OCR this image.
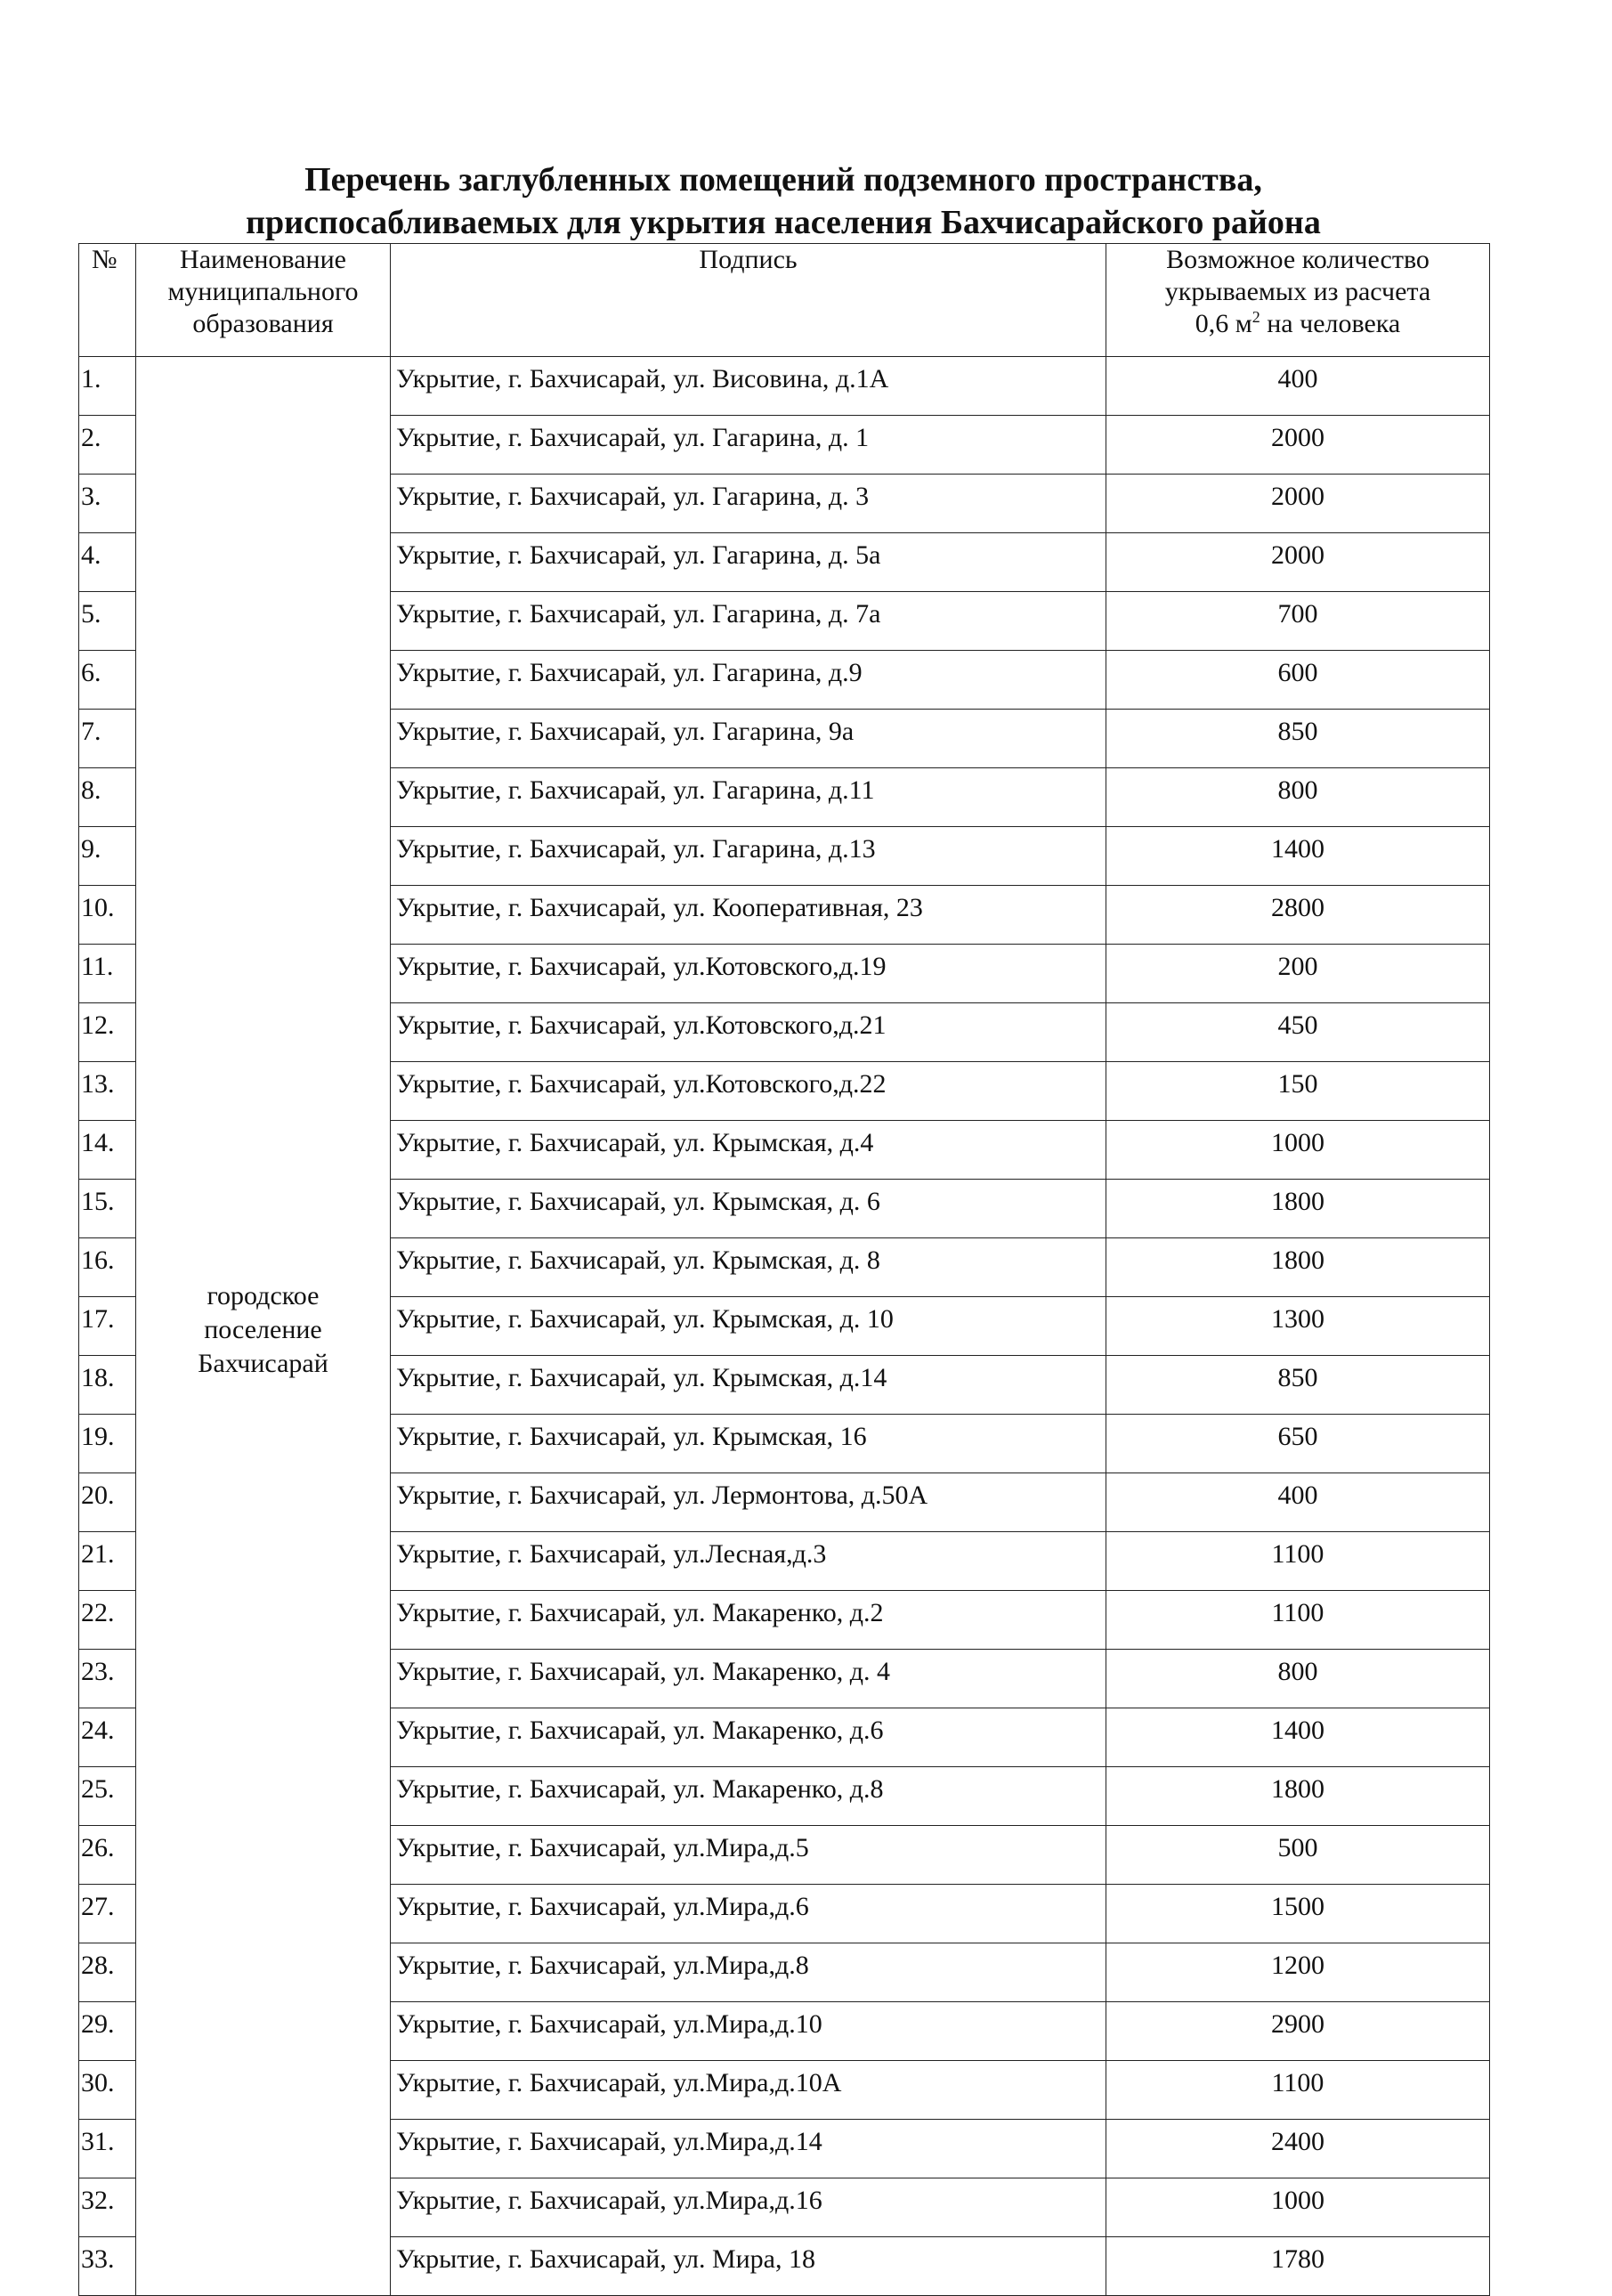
Перечень заглубленных помещений подземного пространства,
приспосабливаемых для укрытия населения Бахчисарайского района
№	Наименование муниципального образования	Подпись	Возможное количество
укрываемых из расчета
0,6 $м^2$ на человека
1.	городское
поселение
Бахчисарай	Укрытие, г. Бахчисарай, ул. Висовина, д.1А	400
2.		Укрытие, г. Бахчисарай, ул. Гагарина, д. 1	2000
3.		Укрытие, г. Бахчисарай, ул. Гагарина, д. 3	2000
4.		Укрытие, г. Бахчисарай, ул. Гагарина, д. 5а	2000
5.		Укрытие, г. Бахчисарай, ул. Гагарина, д. 7а	700
6.		Укрытие, г. Бахчисарай, ул. Гагарина, д.9	600
7.		Укрытие, г. Бахчисарай, ул. Гагарина, 9а	850
8.		Укрытие, г. Бахчисарай, ул. Гагарина, д.11	800
9.		Укрытие, г. Бахчисарай, ул. Гагарина, д.13	1400
10.		Укрытие, г. Бахчисарай, ул. Кооперативная, 23	2800
11.		Укрытие, г. Бахчисарай, ул.Котовского,д.19	200
12.		Укрытие, г. Бахчисарай, ул.Котовского,д.21	450
13.		Укрытие, г. Бахчисарай, ул.Котовского,д.22	150
14.		Укрытие, г. Бахчисарай, ул. Крымская, д.4	1000
15.		Укрытие, г. Бахчисарай, ул. Крымская, д. 6	1800
16.		Укрытие, г. Бахчисарай, ул. Крымская, д. 8	1800
17.		Укрытие, г. Бахчисарай, ул. Крымская, д. 10	1300
18.		Укрытие, г. Бахчисарай, ул. Крымская, д.14	850
19.		Укрытие, г. Бахчисарай, ул. Крымская, 16	650
20.		Укрытие, г. Бахчисарай, ул. Лермонтова, д.50А	400
21.		Укрытие, г. Бахчисарай, ул.Лесная,д.3	1100
22.		Укрытие, г. Бахчисарай, ул. Макаренко, д.2	1100
23.		Укрытие, г. Бахчисарай, ул. Макаренко, д. 4	800
24.		Укрытие, г. Бахчисарай, ул. Макаренко, д.6	1400
25.		Укрытие, г. Бахчисарай, ул. Макаренко, д.8	1800
26.		Укрытие, г. Бахчисарай, ул.Мира,д.5	500
27.		Укрытие, г. Бахчисарай, ул.Мира,д.6	1500
28.		Укрытие, г. Бахчисарай, ул.Мира,д.8	1200
29.		Укрытие, г. Бахчисарай, ул.Мира,д.10	2900
30.		Укрытие, г. Бахчисарай, ул.Мира,д.10А	1100
31.		Укрытие, г. Бахчисарай, ул.Мира,д.14	2400
32.		Укрытие, г. Бахчисарай, ул.Мира,д.16	1000
33.		Укрытие, г. Бахчисарай, ул. Мира, 18	1780
